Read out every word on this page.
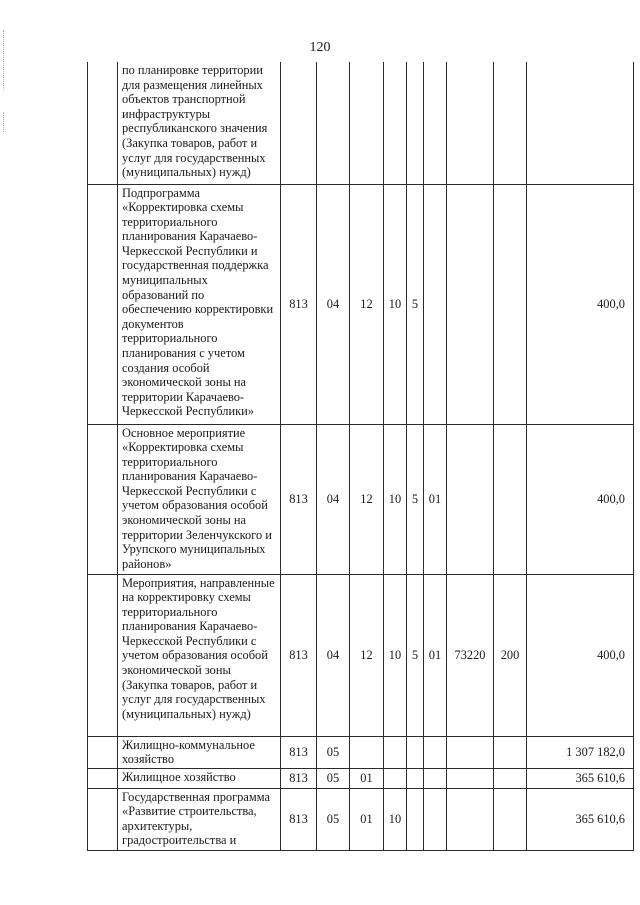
120
	по планировке территории для размещения линейных объектов транспортной инфраструктуры республиканского значения (Закупка товаров, работ и услуг для государственных (муниципальных) нужд)									
	Подпрограмма «Корректировка схемы территориального планирования Карачаево-Черкесской Республики и государственная поддержка муниципальных образований по обеспечению корректировки документов территориального планирования с учетом создания особой экономической зоны на территории Карачаево-Черкесской Республики»	813	04	12	10	5				400,0
	Основное мероприятие «Корректировка схемы территориального планирования Карачаево-Черкесской Республики с учетом образования особой экономической зоны на территории Зеленчукского и Урупского муниципальных районов»	813	04	12	10	5	01			400,0
	Мероприятия, направленные на корректировку схемы территориального планирования Карачаево-Черкесской Республики с учетом образования особой экономической зоны (Закупка товаров, работ и услуг для государственных (муниципальных) нужд)	813	04	12	10	5	01	73220	200	400,0
	Жилищно-коммунальное хозяйство	813	05							1 307 182,0
	Жилищное хозяйство	813	05	01						365 610,6
	Государственная программа «Развитие строительства, архитектуры, градостроительства и	813	05	01	10					365 610,6
